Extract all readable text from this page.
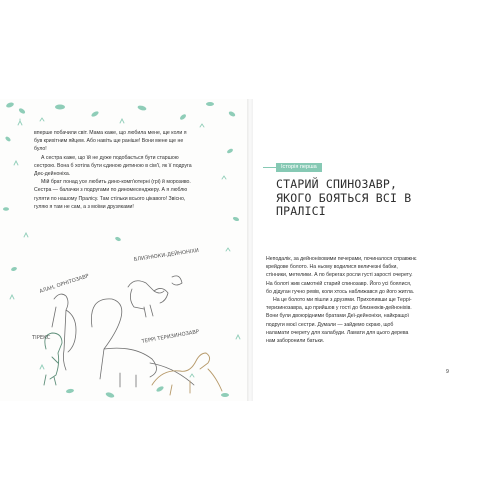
вперше побачили світ. Мама каже, що любила мене, ще коли я був крихітним яйцем. Або навіть ще раніше! Вони мене ще не було!

А сестра каже, що їй не дуже подобається бути старшою сестрою. Вона б хотіла бути єдиною дитиною в сім'ї, як її подруга Деє-дейноніха.

Мій брат понад усе любить дино-комп'ютерні (грі) й морозиво. Сестра — балачки з подругами по диномесенджеру. А я люблю гуляти по нашому Пралісу. Там стільки всього цікавого! Звісно, гуляю я там не сам, а з моїми друзяками!

АЛАН, ОРНІТОЗАВР
БЛИЗНЮКИ-ДЕЙНОНІХИ
ТІРЕКС	ТЕРРІ ТЕРИЗИНОЗАВР
Історія перша
СТАРИЙ СПИНОЗАВР, ЯКОГО БОЯТЬСЯ ВСІ В ПРАЛІСІ

Неподалік, за дейноніховими печерами, починалося справжнє крейдове болото. На ньому водилися величезні бабки, стінники, метелики. А по берегах росли густі зарості очерету. На болоті жив самотній старий спинозавр. Його усі боялися, бо дідуган гучно ревів, коли хтось наближався до його житла.

На це болото ми пішли з друзями. Прихопивши ще Террі-теризинозавра, що прийшов у гості до близнюків-дейноніхів. Вони були двоюрідними братами Деї-дейноніхи, найкращої подруги моєї сестри. Думали — зайдемо скраю, щоб наламати очерету для халабуди. Ламати для цього дерева нам заборонили батьки.

9
